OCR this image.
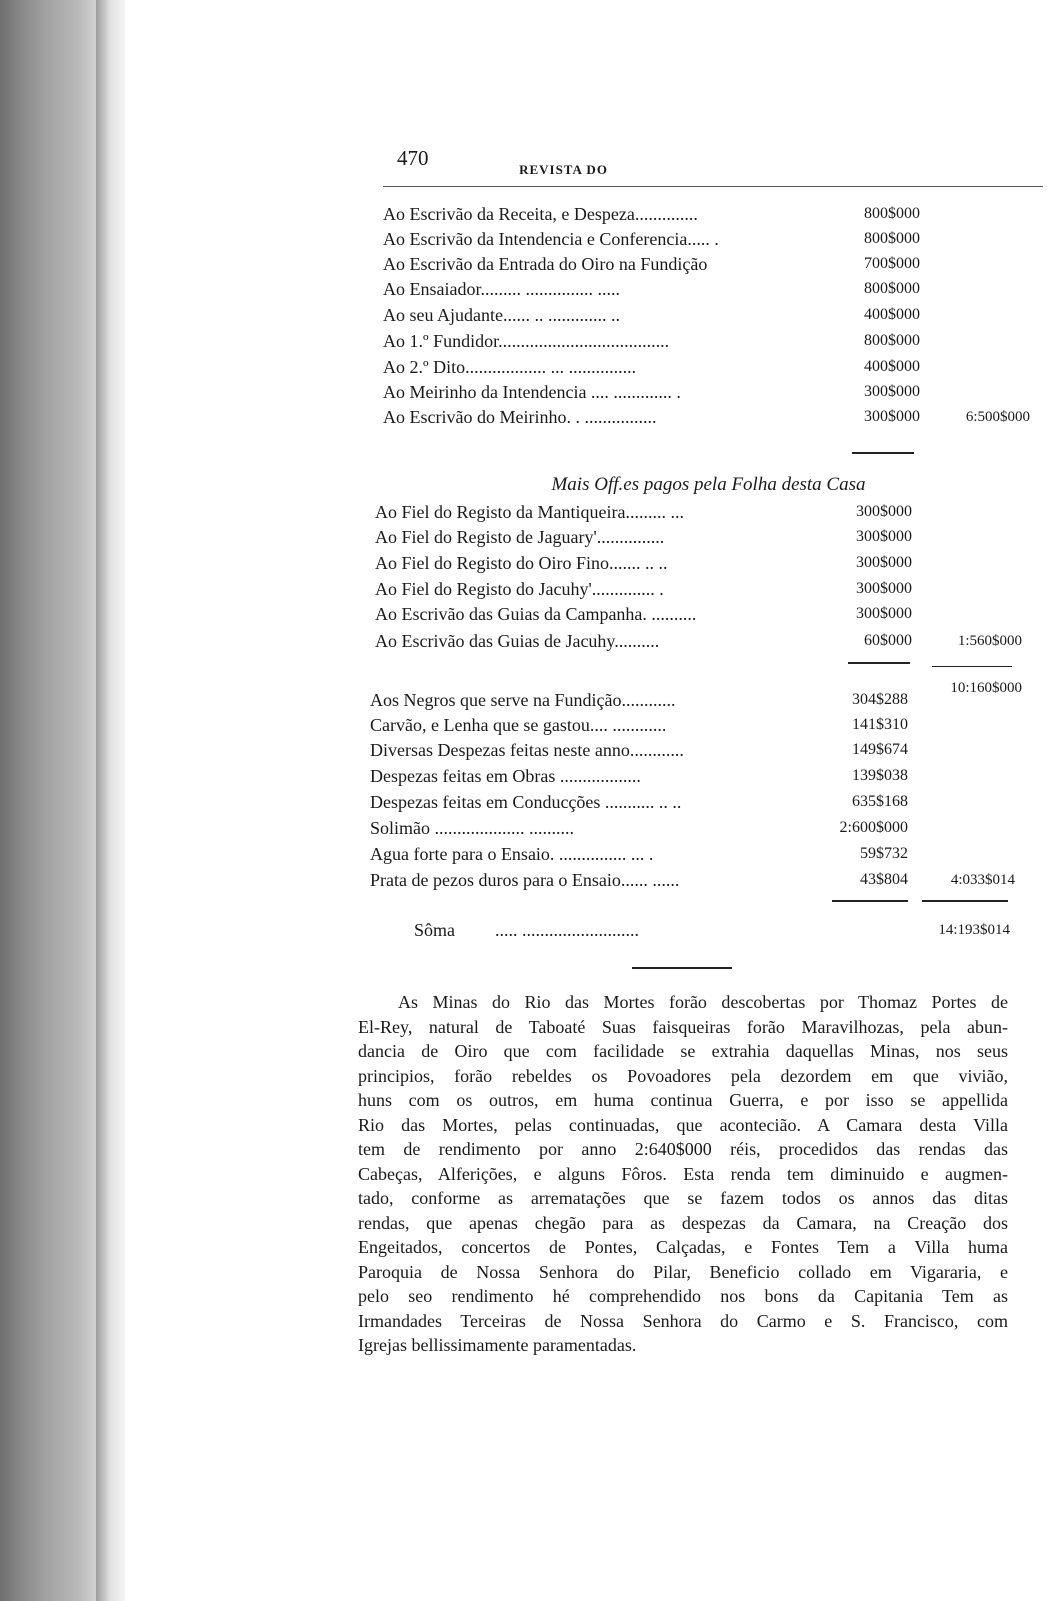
470	REVISTA DO
Ao Escrivão da Receita, e Despeza..............	800$000
Ao Escrivão da Intendencia e Conferencia..... .	800$000
Ao Escrivão da Entrada do Oiro na Fundição	700$000
Ao Ensaiador......... ............... .....	800$000
Ao seu Ajudante...... .. ............. ..	400$000
Ao 1.º Fundidor......................................	800$000
Ao 2.º Dito.................. ... ...............	400$000
Ao Meirinho da Intendencia .... ............. .	300$000
Ao Escrivão do Meirinho. . ................	300$000	6:500$000
Mais Off.es pagos pela Folha desta Casa
Ao Fiel do Registo da Mantiqueira......... ...	300$000
Ao Fiel do Registo de Jaguary'...............	300$000
Ao Fiel do Registo do Oiro Fino....... .. ..	300$000
Ao Fiel do Registo do Jacuhy'.............. .	300$000
Ao Escrivão das Guias da Campanha. ..........	300$000
Ao Escrivão das Guias de Jacuhy..........	60$000	1:560$000
10:160$000
Aos Negros que serve na Fundição............	304$288
Carvão, e Lenha que se gastou.... ............	141$310
Diversas Despezas feitas neste anno............	149$674
Despezas feitas em Obras ..................	139$038
Despezas feitas em Conducções ........... .. ..	635$168
Solimão .................... ..........	2:600$000
Agua forte para o Ensaio. ............... ... .	59$732
Prata de pezos duros para o Ensaio...... ......	43$804	4:033$014
Sôma ..... ..........................	14:193$014
As Minas do Rio das Mortes forão descobertas por Thomaz Portes de
El-Rey, natural de Taboaté Suas faisqueiras forão Maravilhozas, pela abun-
dancia de Oiro que com facilidade se extrahia daquellas Minas, nos seus
principios, forão rebeldes os Povoadores pela dezordem em que vivião,
huns com os outros, em huma continua Guerra, e por isso se appellida
Rio das Mortes, pelas continuadas, que acontecião. A Camara desta Villa
tem de rendimento por anno 2:640$000 réis, procedidos das rendas das
Cabeças, Alferições, e alguns Fôros. Esta renda tem diminuido e augmen-
tado, conforme as arrematações que se fazem todos os annos das ditas
rendas, que apenas chegão para as despezas da Camara, na Creação dos
Engeitados, concertos de Pontes, Calçadas, e Fontes Tem a Villa huma
Paroquia de Nossa Senhora do Pilar, Beneficio collado em Vigararia, e
pelo seo rendimento hé comprehendido nos bons da Capitania Tem as
Irmandades Terceiras de Nossa Senhora do Carmo e S. Francisco, com
Igrejas bellissimamente paramentadas.
